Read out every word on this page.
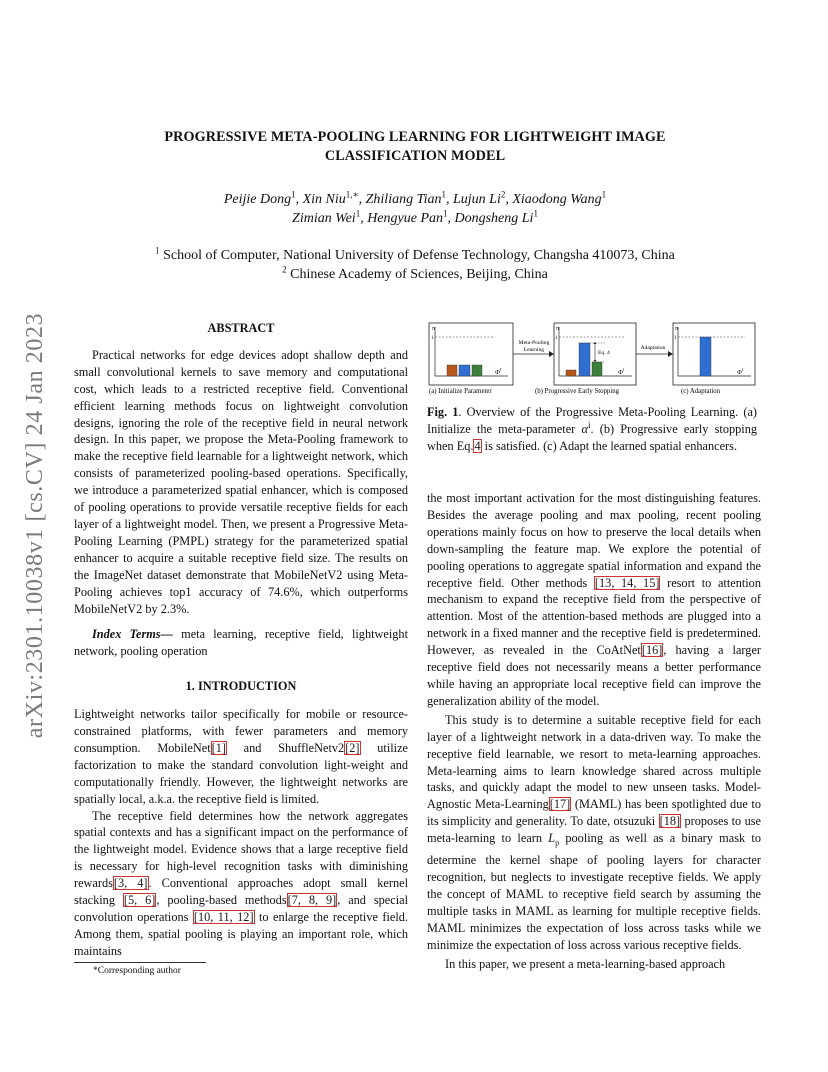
arXiv:2301.10038v1 [cs.CV] 24 Jan 2023
PROGRESSIVE META-POOLING LEARNING FOR LIGHTWEIGHT IMAGE
CLASSIFICATION MODEL
Peijie Dong$^1$, Xin Niu$^{1,∗}$, Zhiliang Tian$^1$, Lujun Li$^2$, Xiaodong Wang$^1$
Zimian Wei$^1$, Hengyue Pan$^1$, Dongsheng Li$^1$
$^1$ School of Computer, National University of Defense Technology, Changsha 410073, China
$^2$ Chinese Academy of Sciences, Beijing, China

ABSTRACT

Practical networks for edge devices adopt shallow depth and small convolutional kernels to save memory and computational cost, which leads to a restricted receptive field. Conventional efficient learning methods focus on lightweight convolution designs, ignoring the role of the receptive field in neural network design. In this paper, we propose the Meta-Pooling framework to make the receptive field learnable for a lightweight network, which consists of parameterized pooling-based operations. Specifically, we introduce a parameterized spatial enhancer, which is composed of pooling operations to provide versatile receptive fields for each layer of a lightweight model. Then, we present a Progressive Meta-Pooling Learning (PMPL) strategy for the parameterized spatial enhancer to acquire a suitable receptive field size. The results on the ImageNet dataset demonstrate that MobileNetV2 using Meta-Pooling achieves top1 accuracy of 74.6%, which outperforms MobileNetV2 by 2.3%.

Index Terms— meta learning, receptive field, lightweight network, pooling operation

1. INTRODUCTION

Lightweight networks tailor specifically for mobile or resource-constrained platforms, with fewer parameters and memory consumption. MobileNet[1] and ShuffleNetv2[2] utilize factorization to make the standard convolution light-weight and computationally friendly. However, the lightweight networks are spatially local, a.k.a. the receptive field is limited.

The receptive field determines how the network aggregates spatial contexts and has a significant impact on the performance of the lightweight model. Evidence shows that a large receptive field is necessary for high-level recognition tasks with diminishing rewards[3, 4]. Conventional approaches adopt small kernel stacking [5, 6], pooling-based methods[7, 8, 9], and special convolution operations [10, 11, 12] to enlarge the receptive field. Among them, spatial pooling is playing an important role, which maintains

π
1
$\Phi^l$
(a) Initialize Parameter
Meta-Pooling
Learning
π
1
Eq. 4
$\Phi^l$
(b) Progressive Early Stopping
Adaptation
π
1
$\Phi^l$
(c) Adaptation
Fig. 1. Overview of the Progressive Meta-Pooling Learning. (a) Initialize the meta-parameter $\alpha^i$. (b) Progressive early stopping when Eq.4 is satisfied. (c) Adapt the learned spatial enhancers.

the most important activation for the most distinguishing features. Besides the average pooling and max pooling, recent pooling operations mainly focus on how to preserve the local details when down-sampling the feature map. We explore the potential of pooling operations to aggregate spatial information and expand the receptive field. Other methods [13, 14, 15] resort to attention mechanism to expand the receptive field from the perspective of attention. Most of the attention-based methods are plugged into a network in a fixed manner and the receptive field is predetermined. However, as revealed in the CoAtNet[16], having a larger receptive field does not necessarily means a better performance while having an appropriate local receptive field can improve the generalization ability of the model.

This study is to determine a suitable receptive field for each layer of a lightweight network in a data-driven way. To make the receptive field learnable, we resort to meta-learning approaches. Meta-learning aims to learn knowledge shared across multiple tasks, and quickly adapt the model to new unseen tasks. Model-Agnostic Meta-Learning[17] (MAML) has been spotlighted due to its simplicity and generality. To date, otsuzuki [18] proposes to use meta-learning to learn $L_p$ pooling as well as a binary mask to determine the kernel shape of pooling layers for character recognition, but neglects to investigate receptive fields. We apply the concept of MAML to receptive field search by assuming the multiple tasks in MAML as learning for multiple receptive fields. MAML minimizes the expectation of loss across tasks while we minimize the expectation of loss across various receptive fields.

In this paper, we present a meta-learning-based approach

*Corresponding author
